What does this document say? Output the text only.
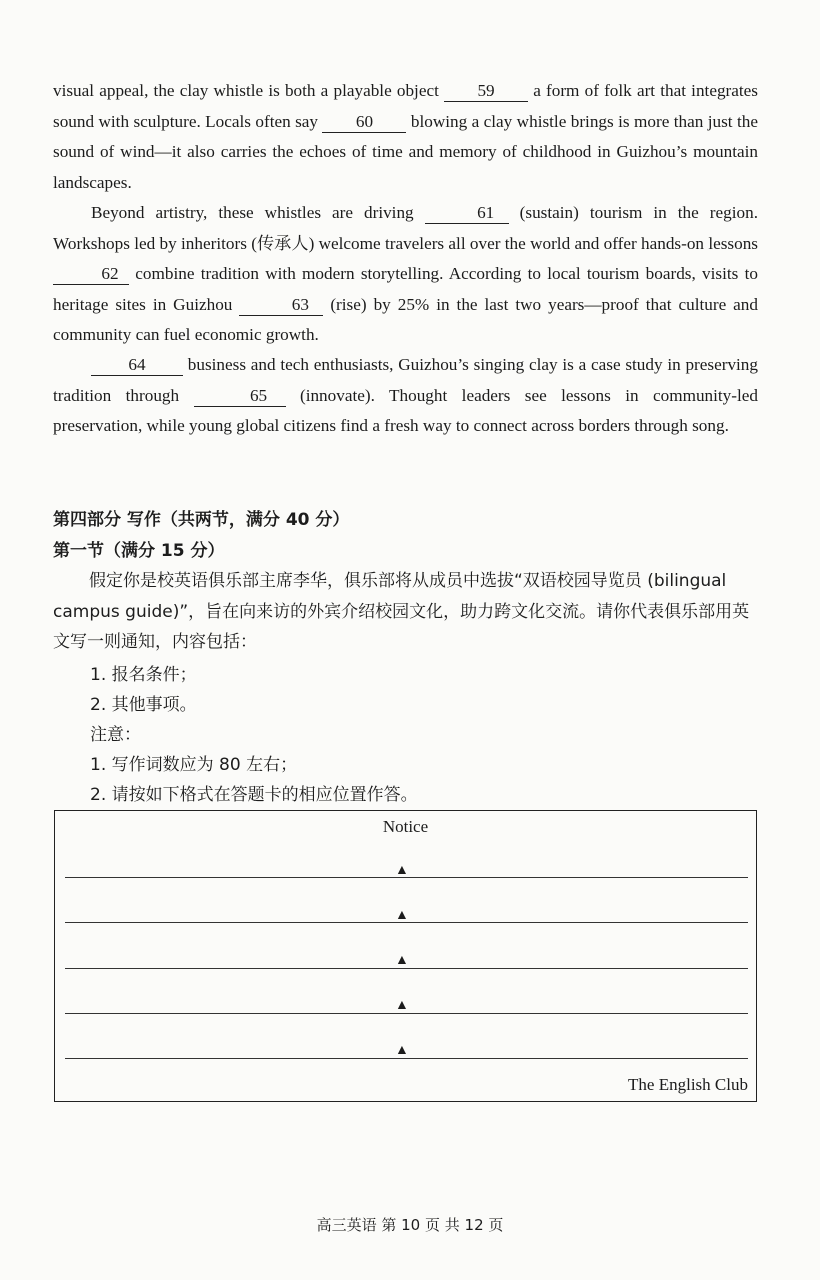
visual appeal, the clay whistle is both a playable object 59 a form of folk art that integrates sound with sculpture. Locals often say 60 blowing a clay whistle brings is more than just the sound of wind—it also carries the echoes of time and memory of childhood in Guizhou’s mountain landscapes.

Beyond artistry, these whistles are driving	61 (sustain) tourism in the region. Workshops led by inheritors (传承人) welcome travelers all over the world and offer hands-on lessons 62 combine tradition with modern storytelling. According to local tourism boards, visits to heritage sites in Guizhou	63 (rise) by 25% in the last two years—proof that culture and community can fuel economic growth.

64 business and tech enthusiasts, Guizhou’s singing clay is a case study in preserving tradition through	65 (innovate). Thought leaders see lessons in community-led preservation, while young global citizens find a fresh way to connect across borders through song.

第四部分 写作（共两节，满分 40 分）
第一节（满分 15 分）
假定你是校英语俱乐部主席李华，俱乐部将从成员中选拔“双语校园导览员 (bilingual campus guide)”，旨在向来访的外宾介绍校园文化，助力跨文化交流。请你代表俱乐部用英文写一则通知，内容包括：
1. 报名条件；
2. 其他事项。
注意：
1. 写作词数应为 80 左右；
2. 请按如下格式在答题卡的相应位置作答。
Notice
▲
▲
▲
▲
▲
The English Club
高三英语 第 10 页 共 12 页
